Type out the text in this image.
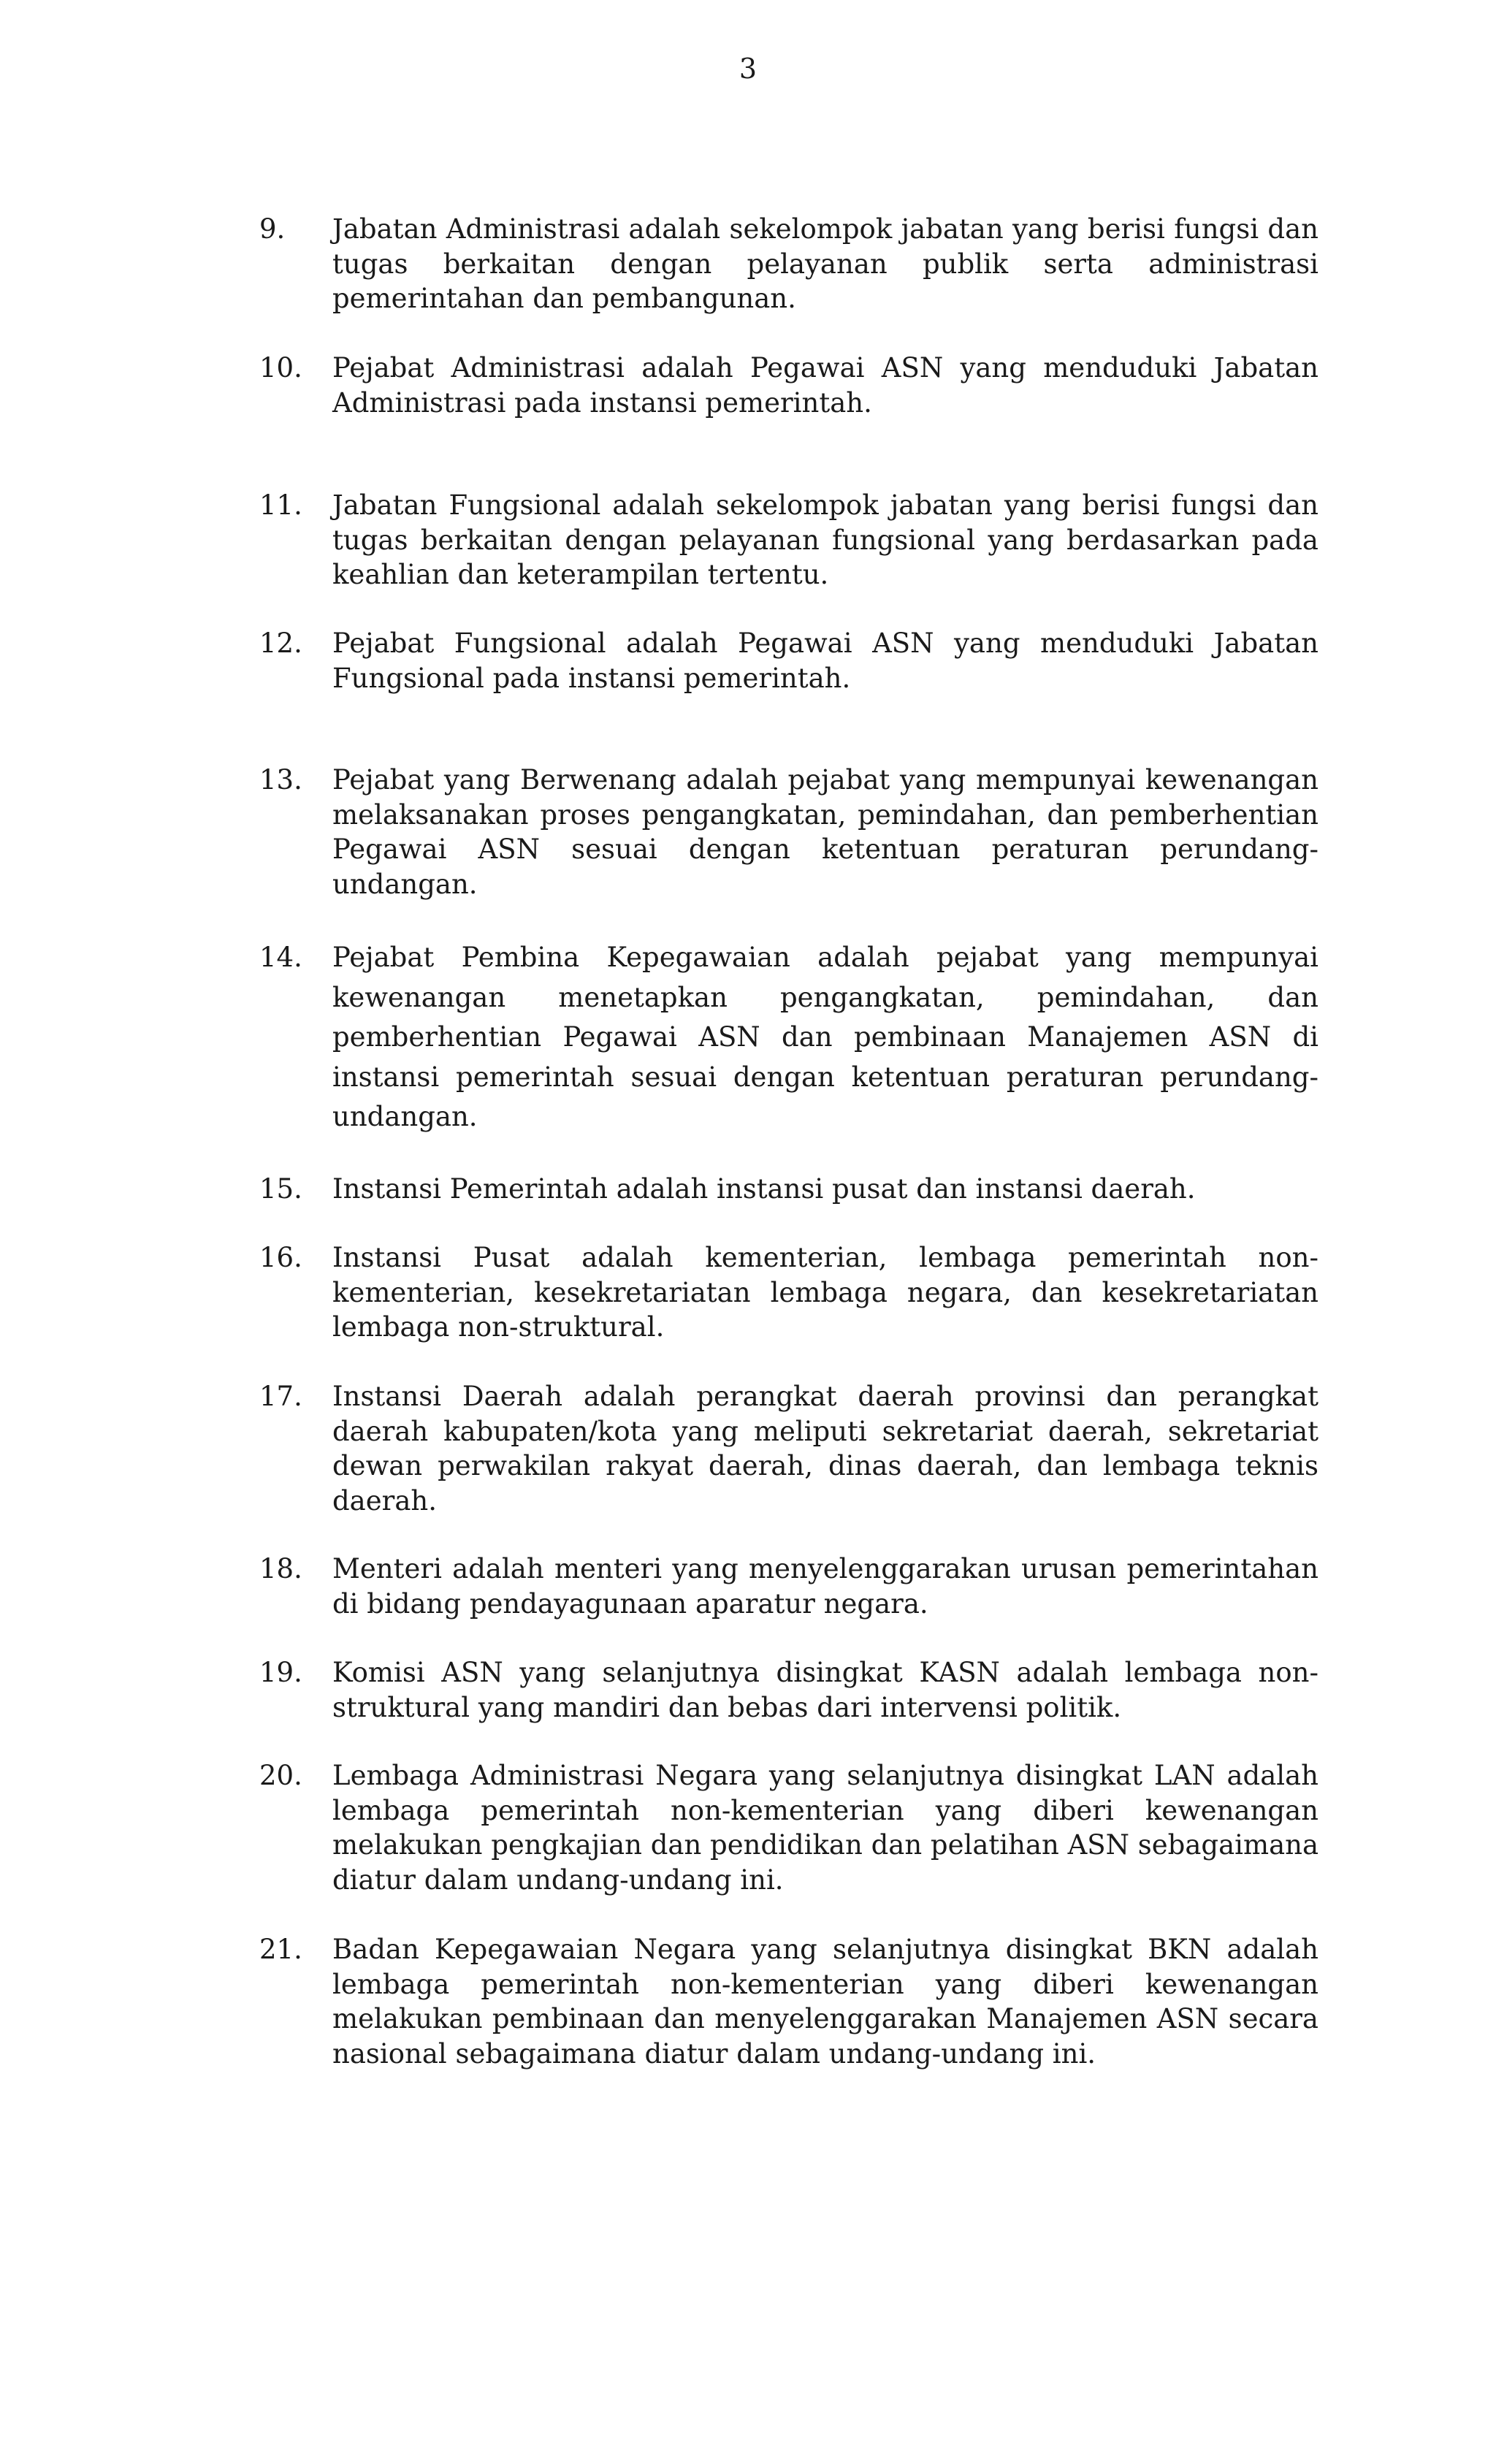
3
9.	Jabatan Administrasi adalah sekelompok jabatan yang berisi fungsi dan tugas berkaitan dengan pelayanan publik serta administrasi pemerintahan dan pembangunan.
10.	Pejabat Administrasi adalah Pegawai ASN yang menduduki Jabatan Administrasi pada instansi pemerintah.
11.	Jabatan Fungsional adalah sekelompok jabatan yang berisi fungsi dan tugas berkaitan dengan pelayanan fungsional yang berdasarkan pada keahlian dan keterampilan tertentu.
12.	Pejabat Fungsional adalah Pegawai ASN yang menduduki Jabatan Fungsional pada instansi pemerintah.
13.	Pejabat yang Berwenang adalah pejabat yang mempunyai kewenangan melaksanakan proses pengangkatan, pemindahan, dan pemberhentian Pegawai ASN sesuai dengan ketentuan peraturan perundang-undangan.
14.	Pejabat Pembina Kepegawaian adalah pejabat yang mempunyai kewenangan menetapkan pengangkatan, pemindahan, dan pemberhentian Pegawai ASN dan pembinaan Manajemen ASN di instansi pemerintah sesuai dengan ketentuan peraturan perundang-undangan.
15.	Instansi Pemerintah adalah instansi pusat dan instansi daerah.
16.	Instansi Pusat adalah kementerian, lembaga pemerintah non-kementerian, kesekretariatan lembaga negara, dan kesekretariatan lembaga non-struktural.
17.	Instansi Daerah adalah perangkat daerah provinsi dan perangkat daerah kabupaten/kota yang meliputi sekretariat daerah, sekretariat dewan perwakilan rakyat daerah, dinas daerah, dan lembaga teknis daerah.
18.	Menteri adalah menteri yang menyelenggarakan urusan pemerintahan di bidang pendayagunaan aparatur negara.
19.	Komisi ASN yang selanjutnya disingkat KASN adalah lembaga non-struktural yang mandiri dan bebas dari intervensi politik.
20.	Lembaga Administrasi Negara yang selanjutnya disingkat LAN adalah lembaga pemerintah non-kementerian yang diberi kewenangan melakukan pengkajian dan pendidikan dan pelatihan ASN sebagaimana diatur dalam undang-undang ini.
21.	Badan Kepegawaian Negara yang selanjutnya disingkat BKN adalah lembaga pemerintah non-kementerian yang diberi kewenangan melakukan pembinaan dan menyelenggarakan Manajemen ASN secara nasional sebagaimana diatur dalam undang-undang ini.
